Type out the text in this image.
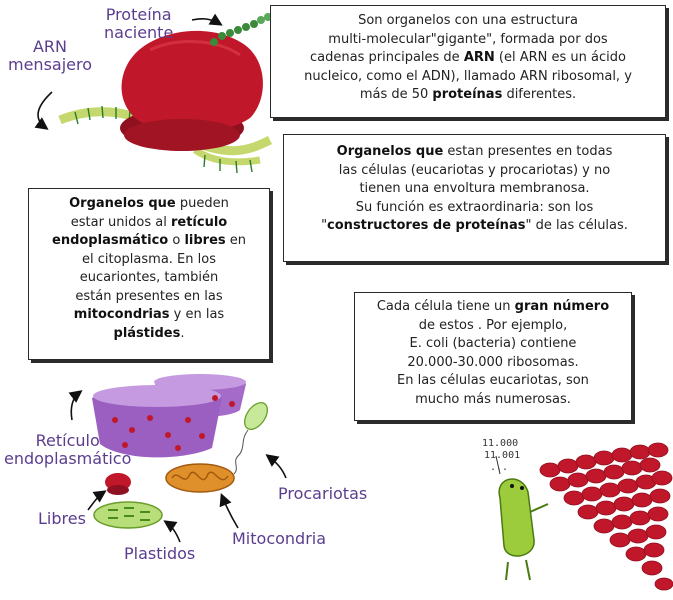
ARN
mensajero
Proteína
naciente
Retículo
endoplasmático
Libres
Plastidos
Mitocondria
Procariotas
11.000
11.001
...
Son organelos con una estructura
multi-molecular"gigante", formada por dos
cadenas principales de ARN (el ARN es un ácido
nucleico, como el ADN), llamado ARN ribosomal, y
más de 50 proteínas diferentes.
Organelos que estan presentes en todas
las células (eucariotas y procariotas) y no
tienen una envoltura membranosa.
Su función es extraordinaria: son los
"constructores de proteínas" de las células.
Organelos que pueden
estar unidos al retículo
endoplasmático o libres en
el citoplasma. En los
eucariontes, también
están presentes en las
mitocondrias y en las
plástides.
Cada célula tiene un gran número
de estos . Por ejemplo,
E. coli (bacteria) contiene
20.000-30.000 ribosomas.
En las células eucariotas, son
mucho más numerosas.
